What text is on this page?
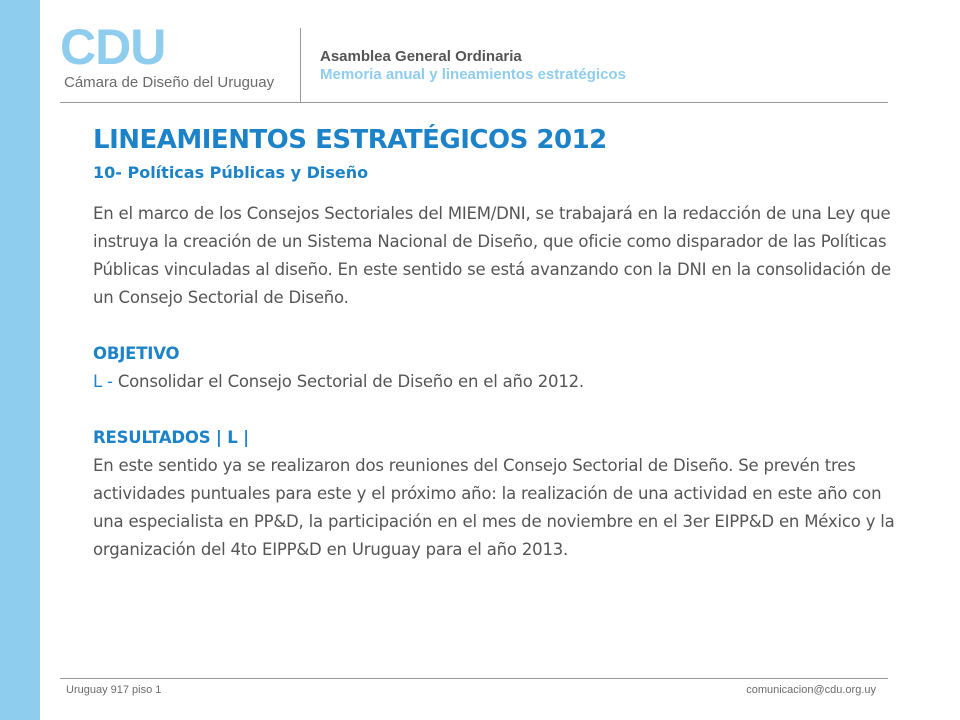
CDU
Cámara de Diseño del Uruguay
Asamblea General Ordinaria
Memoria anual y lineamientos estratégicos
LINEAMIENTOS ESTRATÉGICOS 2012
10- Políticas Públicas y Diseño

En el marco de los Consejos Sectoriales del MIEM/DNI, se trabajará en la redacción de una Ley que instruya la creación de un Sistema Nacional de Diseño, que oficie como disparador de las Políticas Públicas vinculadas al diseño. En este sentido se está avanzando con la DNI en la consolidación de un Consejo Sectorial de Diseño.

OBJETIVO
L - Consolidar el Consejo Sectorial de Diseño en el año 2012.

RESULTADOS | L |
En este sentido ya se realizaron dos reuniones del Consejo Sectorial de Diseño. Se prevén tres actividades puntuales para este y el próximo año: la realización de una actividad en este año con una especialista en PP&D, la participación en el mes de noviembre en el 3er EIPP&D en México y la organización del 4to EIPP&D en Uruguay para el año 2013.

Uruguay 917 piso 1	comunicacion@cdu.org.uy
